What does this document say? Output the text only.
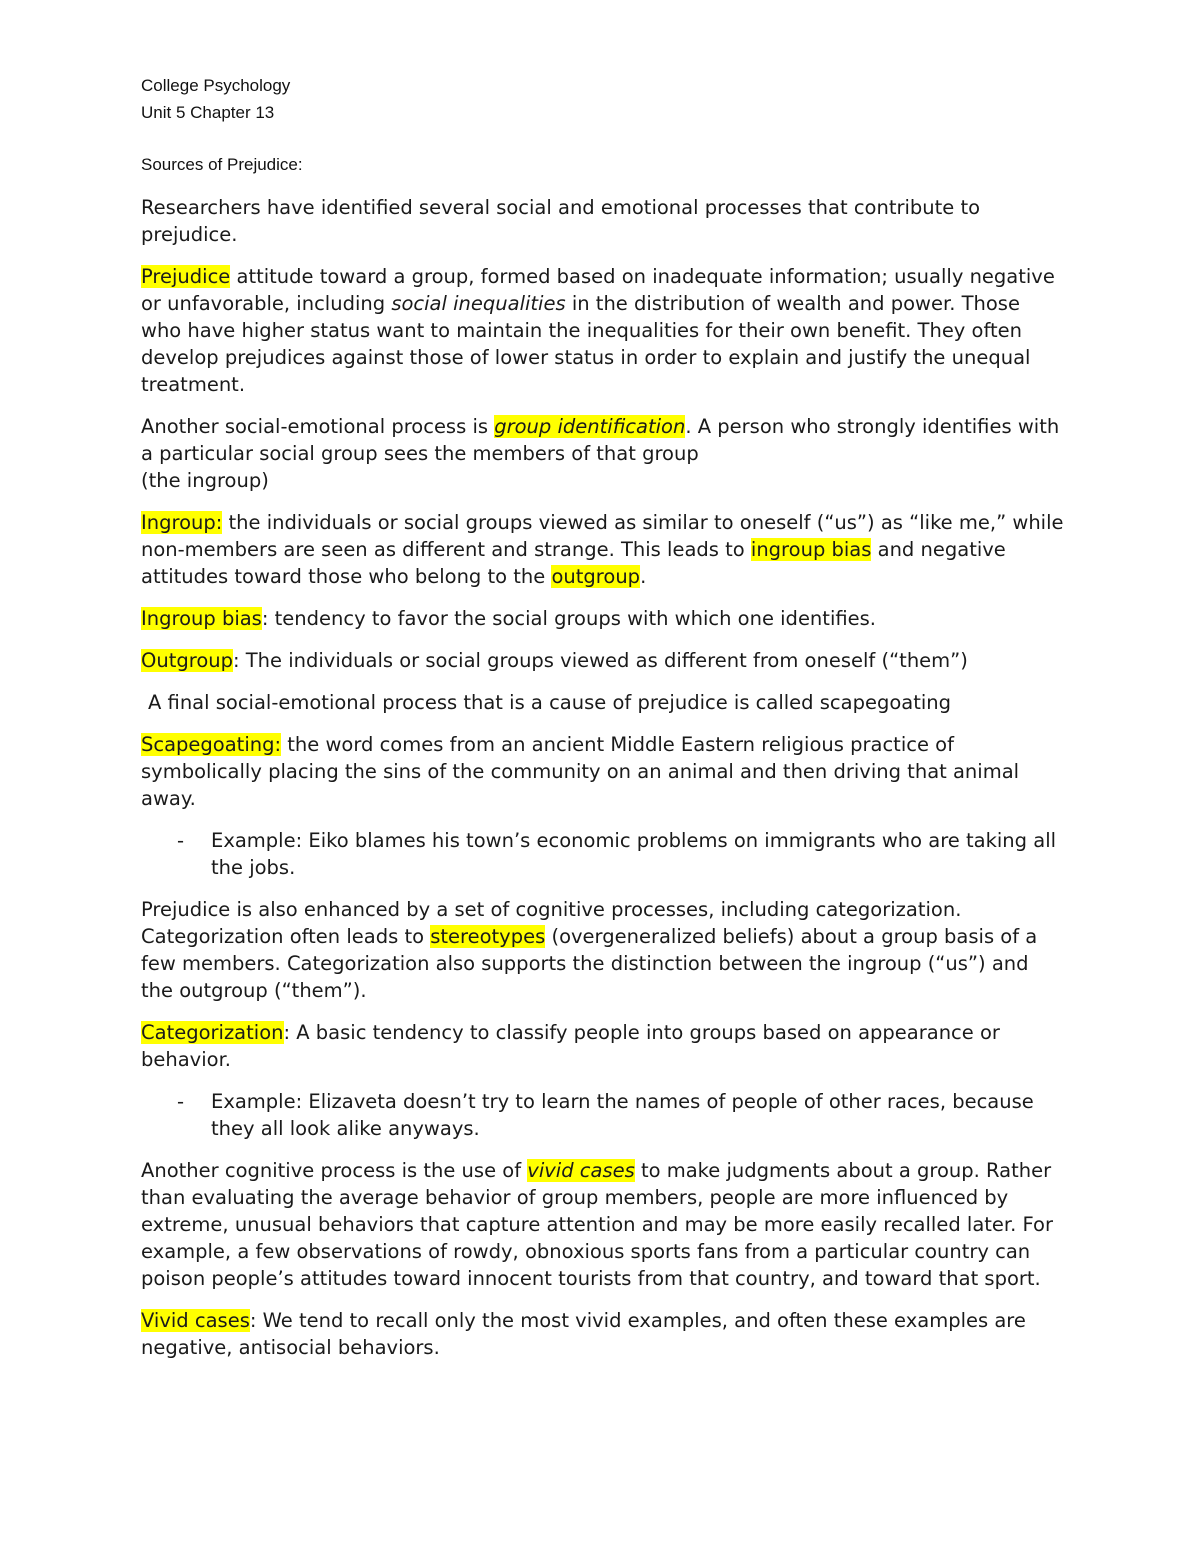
College Psychology
Unit 5 Chapter 13
Sources of Prejudice:

Researchers have identified several social and emotional processes that contribute to prejudice.

Prejudice attitude toward a group, formed based on inadequate information; usually negative or unfavorable, including social inequalities in the distribution of wealth and power. Those who have higher status want to maintain the inequalities for their own benefit. They often develop prejudices against those of lower status in order to explain and justify the unequal treatment.

Another social-emotional process is group identification. A person who strongly identifies with a particular social group sees the members of that group
(the ingroup)

Ingroup: the individuals or social groups viewed as similar to oneself (“us”) as “like me,” while non-members are seen as different and strange. This leads to ingroup bias and negative attitudes toward those who belong to the outgroup.

Ingroup bias: tendency to favor the social groups with which one identifies.

Outgroup: The individuals or social groups viewed as different from oneself (“them”)

A final social-emotional process that is a cause of prejudice is called scapegoating

Scapegoating: the word comes from an ancient Middle Eastern religious practice of symbolically placing the sins of the community on an animal and then driving that animal away.

- Example: Eiko blames his town’s economic problems on immigrants who are taking all the jobs.

Prejudice is also enhanced by a set of cognitive processes, including categorization. Categorization often leads to stereotypes (overgeneralized beliefs) about a group basis of a few members. Categorization also supports the distinction between the ingroup (“us”) and the outgroup (“them”).

Categorization: A basic tendency to classify people into groups based on appearance or behavior.

- Example: Elizaveta doesn’t try to learn the names of people of other races, because they all look alike anyways.

Another cognitive process is the use of vivid cases to make judgments about a group. Rather than evaluating the average behavior of group members, people are more influenced by extreme, unusual behaviors that capture attention and may be more easily recalled later. For example, a few observations of rowdy, obnoxious sports fans from a particular country can poison people’s attitudes toward innocent tourists from that country, and toward that sport.

Vivid cases: We tend to recall only the most vivid examples, and often these examples are negative, antisocial behaviors.
